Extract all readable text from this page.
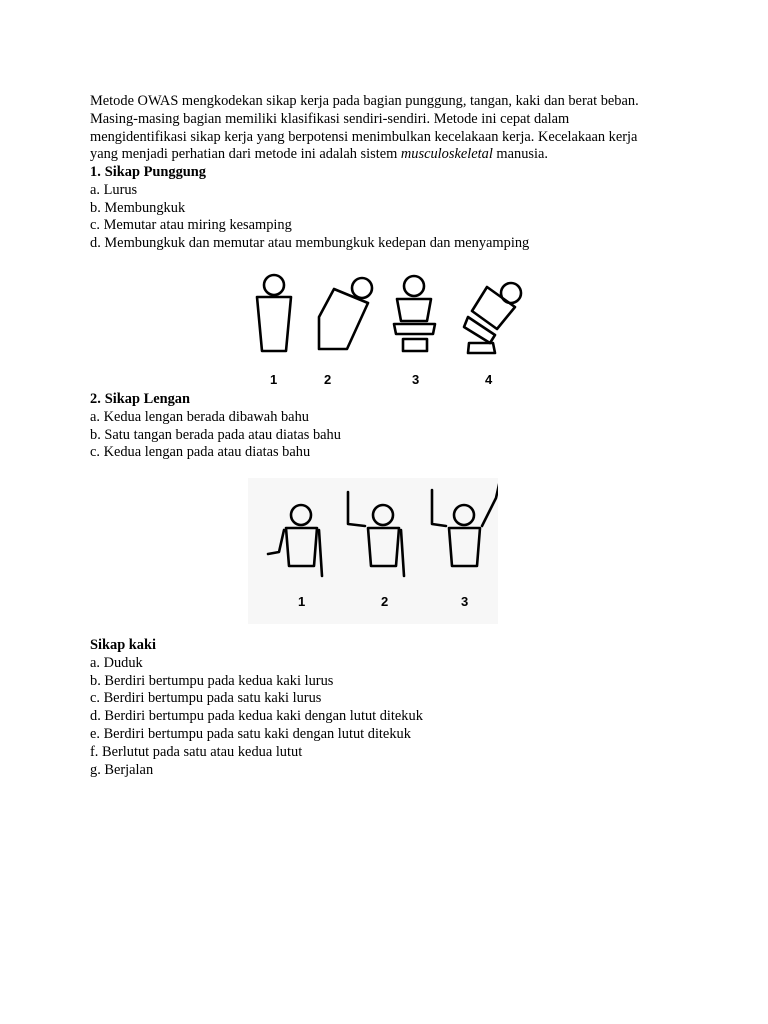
Metode OWAS mengkodekan sikap kerja pada bagian punggung, tangan, kaki dan berat beban.

Masing-masing bagian memiliki klasifikasi sendiri-sendiri. Metode ini cepat dalam

mengidentifikasi sikap kerja yang berpotensi menimbulkan kecelakaan kerja. Kecelakaan kerja

yang menjadi perhatian dari metode ini adalah sistem musculoskeletal manusia.

1. Sikap Punggung

a. Lurus

b. Membungkuk

c. Memutar atau miring kesamping

d. Membungkuk dan memutar atau membungkuk kedepan dan menyamping

1	2	3	4

2. Sikap Lengan

a. Kedua lengan berada dibawah bahu

b. Satu tangan berada pada atau diatas bahu

c. Kedua lengan pada atau diatas bahu

1	2	3

Sikap kaki

a. Duduk

b. Berdiri bertumpu pada kedua kaki lurus

c. Berdiri bertumpu pada satu kaki lurus

d. Berdiri bertumpu pada kedua kaki dengan lutut ditekuk

e. Berdiri bertumpu pada satu kaki dengan lutut ditekuk

f. Berlutut pada satu atau kedua lutut

g. Berjalan
